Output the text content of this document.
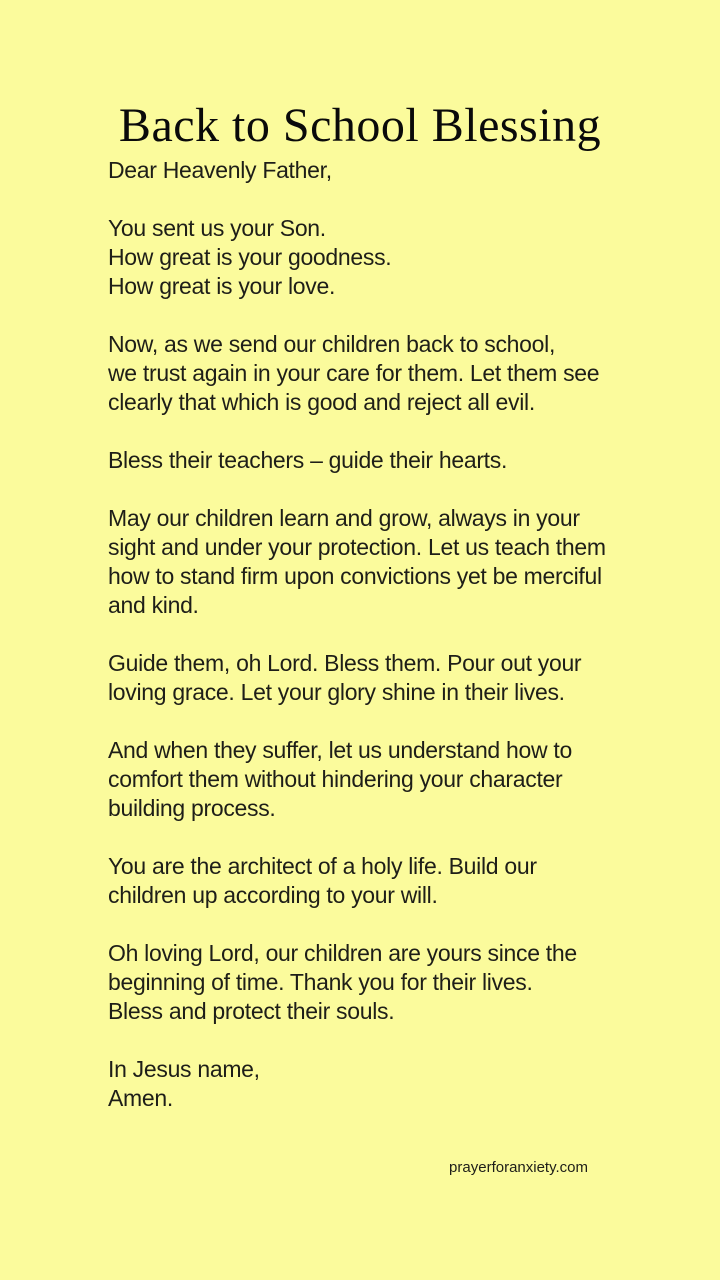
Back to School Blessing
Dear Heavenly Father,
You sent us your Son.
How great is your goodness.
How great is your love.
Now, as we send our children back to school,
we trust again in your care for them. Let them see
clearly that which is good and reject all evil.
Bless their teachers – guide their hearts.
May our children learn and grow, always in your
sight and under your protection. Let us teach them
how to stand firm upon convictions yet be merciful
and kind.
Guide them, oh Lord. Bless them. Pour out your
loving grace. Let your glory shine in their lives.
And when they suffer, let us understand how to
comfort them without hindering your character
building process.
You are the architect of a holy life. Build our
children up according to your will.
Oh loving Lord, our children are yours since the
beginning of time. Thank you for their lives.
Bless and protect their souls.
In Jesus name,
Amen.
prayerforanxiety.com
